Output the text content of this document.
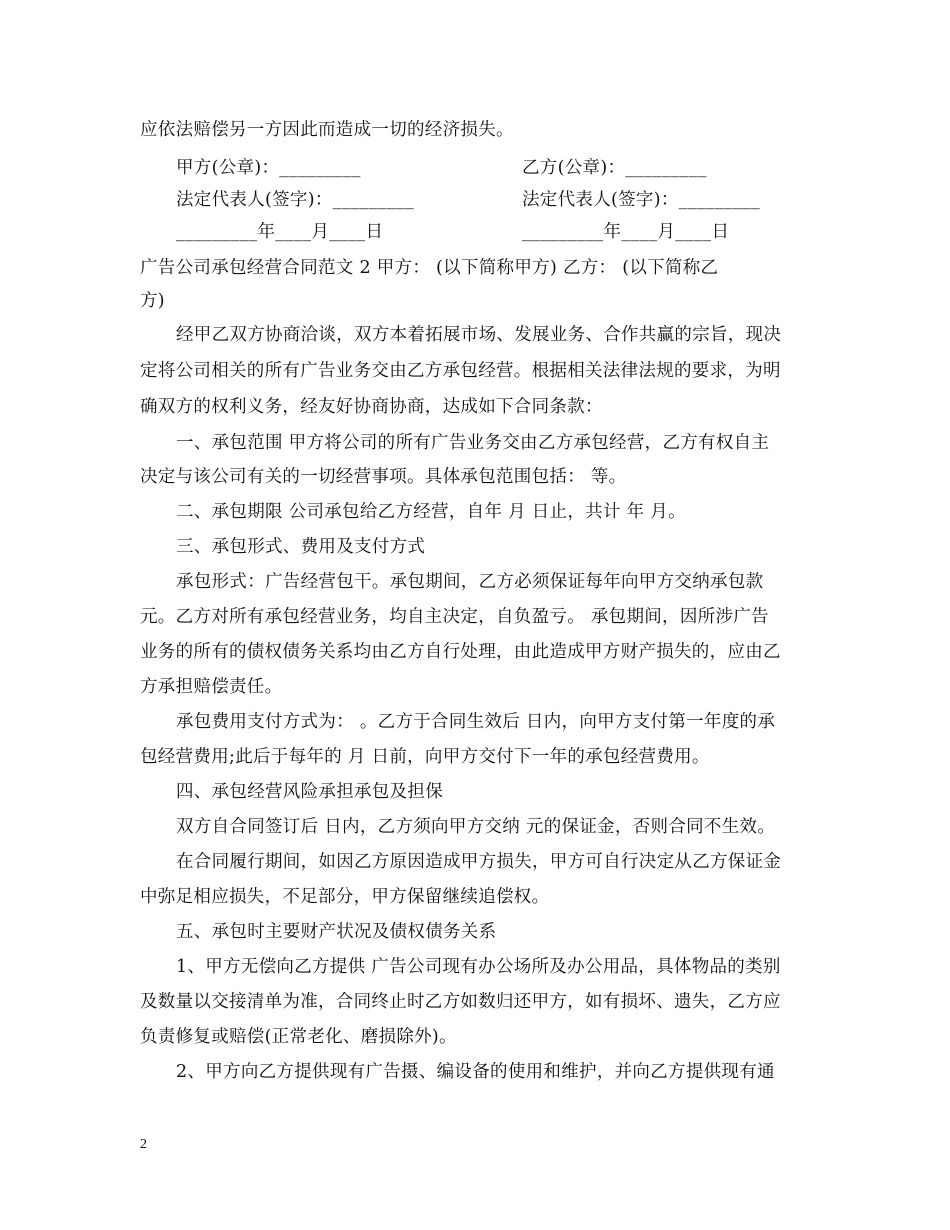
应依法赔偿另一方因此而造成一切的经济损失。
甲方(公章)：_________	乙方(公章)：_________
法定代表人(签字)：_________	法定代表人(签字)：_________
_________年____月____日	_________年____月____日
广告公司承包经营合同范文 2 甲方： (以下简称甲方) 乙方： (以下简称乙
方)
经甲乙双方协商洽谈，双方本着拓展市场、发展业务、合作共赢的宗旨，现决
定将公司相关的所有广告业务交由乙方承包经营。根据相关法律法规的要求，为明
确双方的权利义务，经友好协商协商，达成如下合同条款：
一、承包范围 甲方将公司的所有广告业务交由乙方承包经营，乙方有权自主
决定与该公司有关的一切经营事项。具体承包范围包括： 等。
二、承包期限 公司承包给乙方经营，自年 月 日止，共计 年 月。
三、承包形式、费用及支付方式
承包形式：广告经营包干。承包期间，乙方必须保证每年向甲方交纳承包款
元。乙方对所有承包经营业务，均自主决定，自负盈亏。 承包期间，因所涉广告
业务的所有的债权债务关系均由乙方自行处理，由此造成甲方财产损失的，应由乙
方承担赔偿责任。
承包费用支付方式为： 。乙方于合同生效后 日内，向甲方支付第一年度的承
包经营费用;此后于每年的 月 日前，向甲方交付下一年的承包经营费用。
四、承包经营风险承担承包及担保
双方自合同签订后 日内，乙方须向甲方交纳 元的保证金，否则合同不生效。
在合同履行期间，如因乙方原因造成甲方损失，甲方可自行决定从乙方保证金
中弥足相应损失，不足部分，甲方保留继续追偿权。
五、承包时主要财产状况及债权债务关系
1、甲方无偿向乙方提供 广告公司现有办公场所及办公用品，具体物品的类别
及数量以交接清单为准，合同终止时乙方如数归还甲方，如有损坏、遗失，乙方应
负责修复或赔偿(正常老化、磨损除外)。
2、甲方向乙方提供现有广告摄、编设备的使用和维护，并向乙方提供现有通
2
